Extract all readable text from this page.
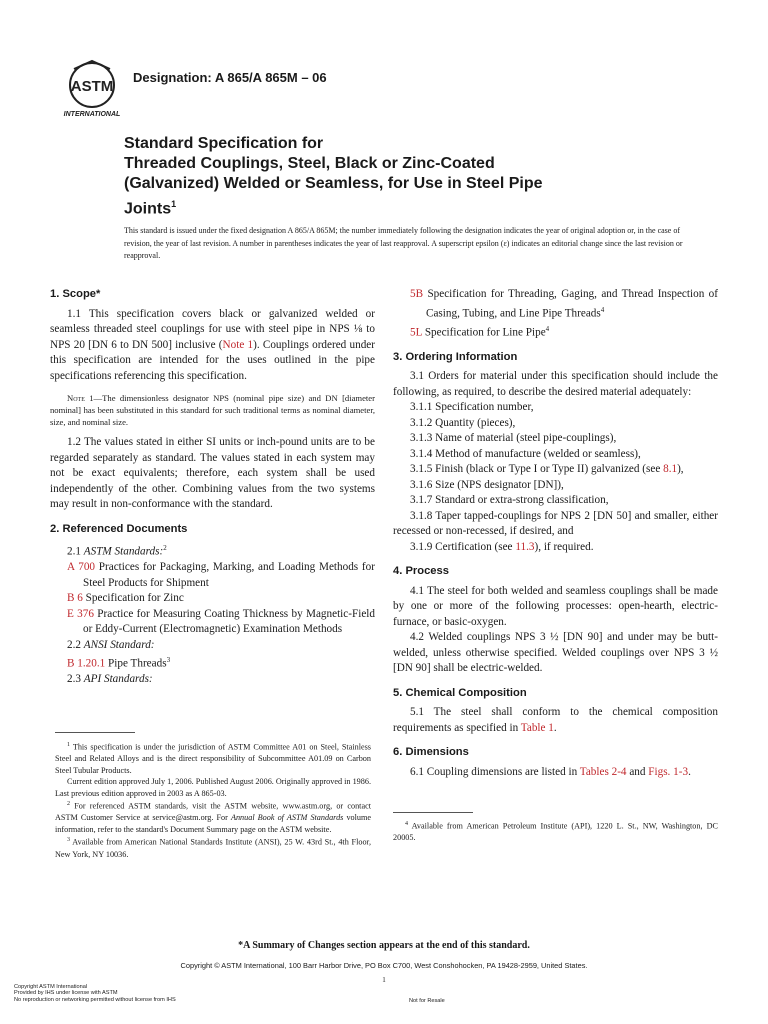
ASTM
INTERNATIONAL
Designation: A 865/A 865M – 06
Standard Specification for
Threaded Couplings, Steel, Black or Zinc-Coated
(Galvanized) Welded or Seamless, for Use in Steel Pipe
Joints$^1$
This standard is issued under the fixed designation A 865/A 865M; the number immediately following the designation indicates the year of original adoption or, in the case of revision, the year of last revision. A number in parentheses indicates the year of last reapproval. A superscript epsilon (ε) indicates an editorial change since the last revision or reapproval.

1. Scope*

1.1 This specification covers black or galvanized welded or seamless threaded steel couplings for use with steel pipe in NPS ⅛ to NPS 20 [DN 6 to DN 500] inclusive (Note 1). Couplings ordered under this specification are intended for the uses outlined in the pipe specifications referencing this specification.

Note 1—The dimensionless designator NPS (nominal pipe size) and DN [diameter nominal] has been substituted in this standard for such traditional terms as nominal diameter, size, and nominal size.

1.2 The values stated in either SI units or inch-pound units are to be regarded separately as standard. The values stated in each system may not be exact equivalents; therefore, each system shall be used independently of the other. Combining values from the two systems may result in non-conformance with the standard.

2. Referenced Documents

2.1 ASTM Standards:$^2$

A 700 Practices for Packaging, Marking, and Loading Methods for Steel Products for Shipment

B 6 Specification for Zinc

E 376 Practice for Measuring Coating Thickness by Magnetic-Field or Eddy-Current (Electromagnetic) Examination Methods

2.2 ANSI Standard:

B 1.20.1 Pipe Threads$^3$

2.3 API Standards:

5B Specification for Threading, Gaging, and Thread Inspection of Casing, Tubing, and Line Pipe Threads$^4$

5L Specification for Line Pipe$^4$

3. Ordering Information

3.1 Orders for material under this specification should include the following, as required, to describe the desired material adequately:

3.1.1 Specification number,

3.1.2 Quantity (pieces),

3.1.3 Name of material (steel pipe-couplings),

3.1.4 Method of manufacture (welded or seamless),

3.1.5 Finish (black or Type I or Type II) galvanized (see 8.1),

3.1.6 Size (NPS designator [DN]),

3.1.7 Standard or extra-strong classification,

3.1.8 Taper tapped-couplings for NPS 2 [DN 50] and smaller, either recessed or non-recessed, if desired, and

3.1.9 Certification (see 11.3), if required.

4. Process

4.1 The steel for both welded and seamless couplings shall be made by one or more of the following processes: open-hearth, electric-furnace, or basic-oxygen.

4.2 Welded couplings NPS 3 ½ [DN 90] and under may be butt-welded, unless otherwise specified. Welded couplings over NPS 3 ½ [DN 90] shall be electric-welded.

5. Chemical Composition

5.1 The steel shall conform to the chemical composition requirements as specified in Table 1.

6. Dimensions

6.1 Coupling dimensions are listed in Tables 2-4 and Figs. 1-3.

$^1$ This specification is under the jurisdiction of ASTM Committee A01 on Steel, Stainless Steel and Related Alloys and is the direct responsibility of Subcommittee A01.09 on Carbon Steel Tubular Products.

Current edition approved July 1, 2006. Published August 2006. Originally approved in 1986. Last previous edition approved in 2003 as A 865-03.

$^2$ For referenced ASTM standards, visit the ASTM website, www.astm.org, or contact ASTM Customer Service at service@astm.org. For Annual Book of ASTM Standards volume information, refer to the standard's Document Summary page on the ASTM website.

$^3$ Available from American National Standards Institute (ANSI), 25 W. 43rd St., 4th Floor, New York, NY 10036.

$^4$ Available from American Petroleum Institute (API), 1220 L. St., NW, Washington, DC 20005.

*A Summary of Changes section appears at the end of this standard.
Copyright © ASTM International, 100 Barr Harbor Drive, PO Box C700, West Conshohocken, PA 19428-2959, United States.
1
Copyright ASTM International
Provided by IHS under license with ASTM
No reproduction or networking permitted without license from IHS	Not for Resale
